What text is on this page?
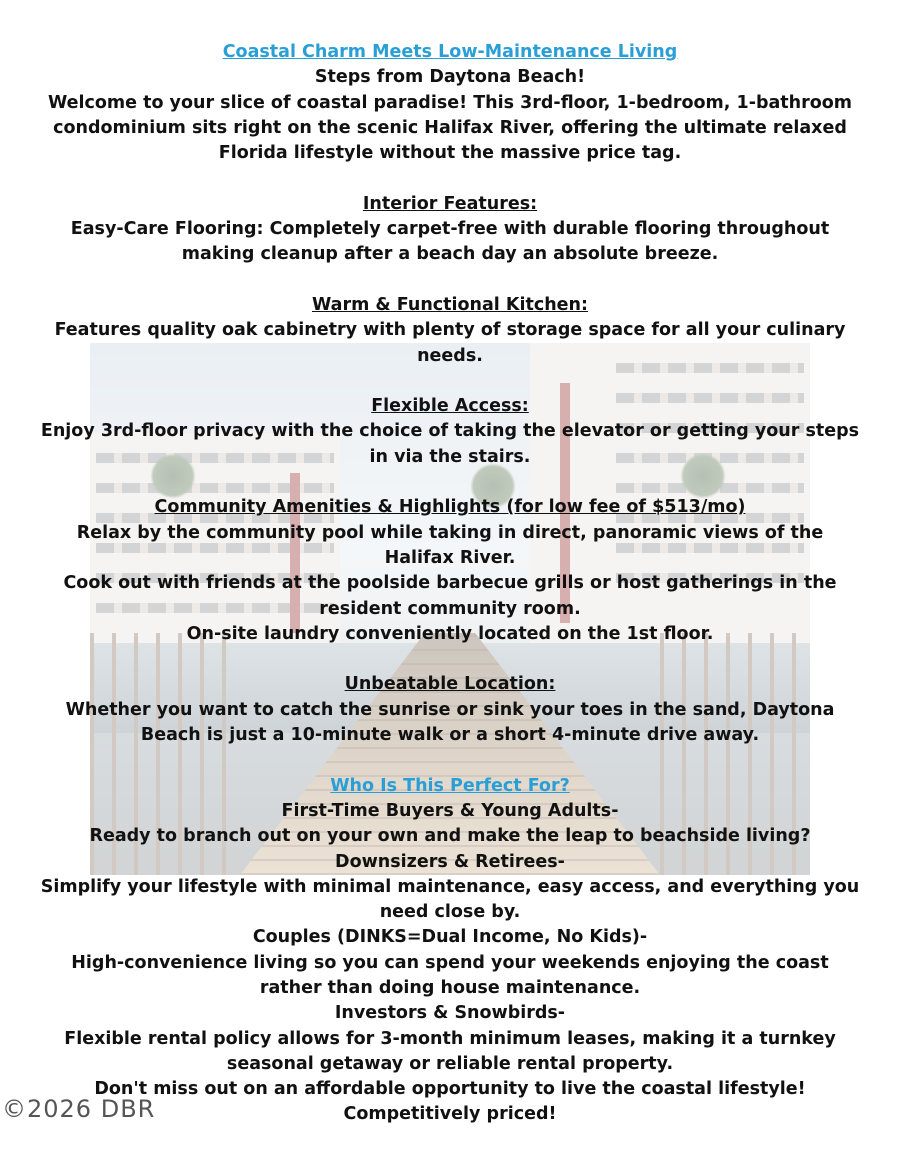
Coastal Charm Meets Low-Maintenance Living

Steps from Daytona Beach!

Welcome to your slice of coastal paradise! This 3rd-floor, 1-bedroom, 1-bathroom condominium sits right on the scenic Halifax River, offering the ultimate relaxed Florida lifestyle without the massive price tag.

Interior Features:

Easy-Care Flooring: Completely carpet-free with durable flooring throughout making cleanup after a beach day an absolute breeze.

Warm & Functional Kitchen:

Features quality oak cabinetry with plenty of storage space for all your culinary needs.

Flexible Access:

Enjoy 3rd-floor privacy with the choice of taking the elevator or getting your steps in via the stairs.

Community Amenities & Highlights (for low fee of $513/mo)

Relax by the community pool while taking in direct, panoramic views of the Halifax River.

Cook out with friends at the poolside barbecue grills or host gatherings in the resident community room.

On-site laundry conveniently located on the 1st floor.

Unbeatable Location:

Whether you want to catch the sunrise or sink your toes in the sand, Daytona Beach is just a 10-minute walk or a short 4-minute drive away.

Who Is This Perfect For?

First-Time Buyers & Young Adults-

Ready to branch out on your own and make the leap to beachside living?

Downsizers & Retirees-

Simplify your lifestyle with minimal maintenance, easy access, and everything you need close by.

Couples (DINKS=Dual Income, No Kids)-

High-convenience living so you can spend your weekends enjoying the coast rather than doing house maintenance.

Investors & Snowbirds-

Flexible rental policy allows for 3-month minimum leases, making it a turnkey seasonal getaway or reliable rental property.

Don't miss out on an affordable opportunity to live the coastal lifestyle!

Competitively priced!

©2026 DBR
